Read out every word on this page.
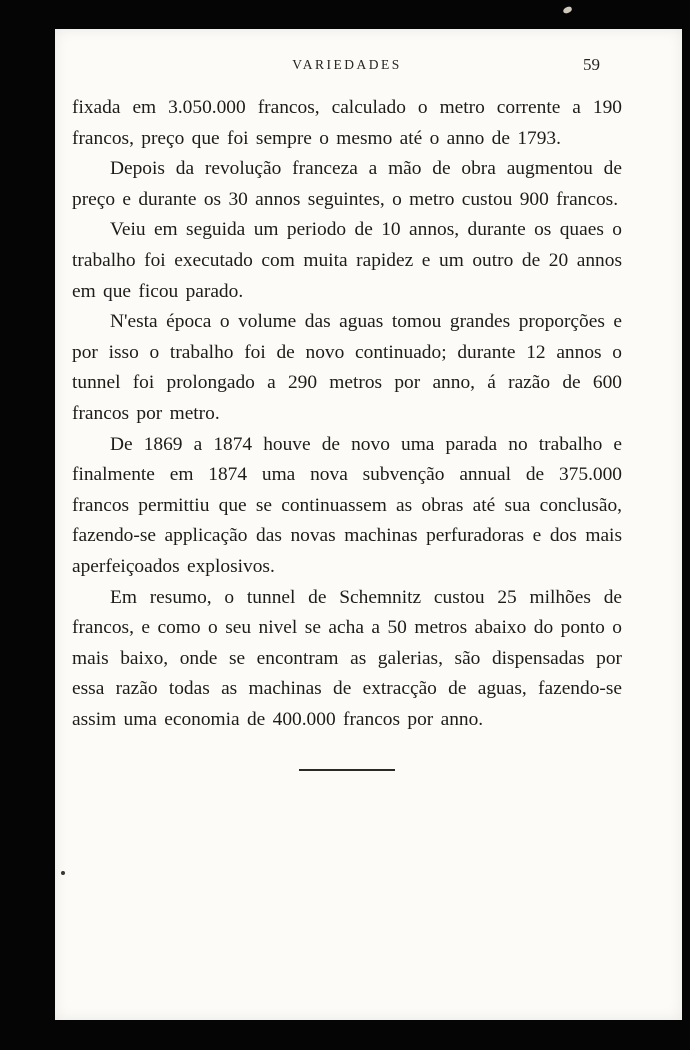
VARIEDADES	59

fixada em 3.050.000 francos, calculado o metro corrente a 190 francos, preço que foi sempre o mesmo até o anno de 1793.

Depois da revolução franceza a mão de obra augmentou de preço e durante os 30 annos seguintes, o metro custou 900 francos.

Veiu em seguida um periodo de 10 annos, durante os quaes o trabalho foi executado com muita rapidez e um outro de 20 annos em que ficou parado.

N'esta época o volume das aguas tomou grandes proporções e por isso o trabalho foi de novo continuado; durante 12 annos o tunnel foi prolongado a 290 metros por anno, á razão de 600 francos por metro.

De 1869 a 1874 houve de novo uma parada no trabalho e finalmente em 1874 uma nova subvenção annual de 375.000 francos permittiu que se continuassem as obras até sua conclusão, fazendo-se applicação das novas machinas perfuradoras e dos mais aperfeiçoados explosivos.

Em resumo, o tunnel de Schemnitz custou 25 milhões de francos, e como o seu nivel se acha a 50 metros abaixo do ponto o mais baixo, onde se encontram as galerias, são dispensadas por essa razão todas as machinas de extracção de aguas, fazendo-se assim uma economia de 400.000 francos por anno.
